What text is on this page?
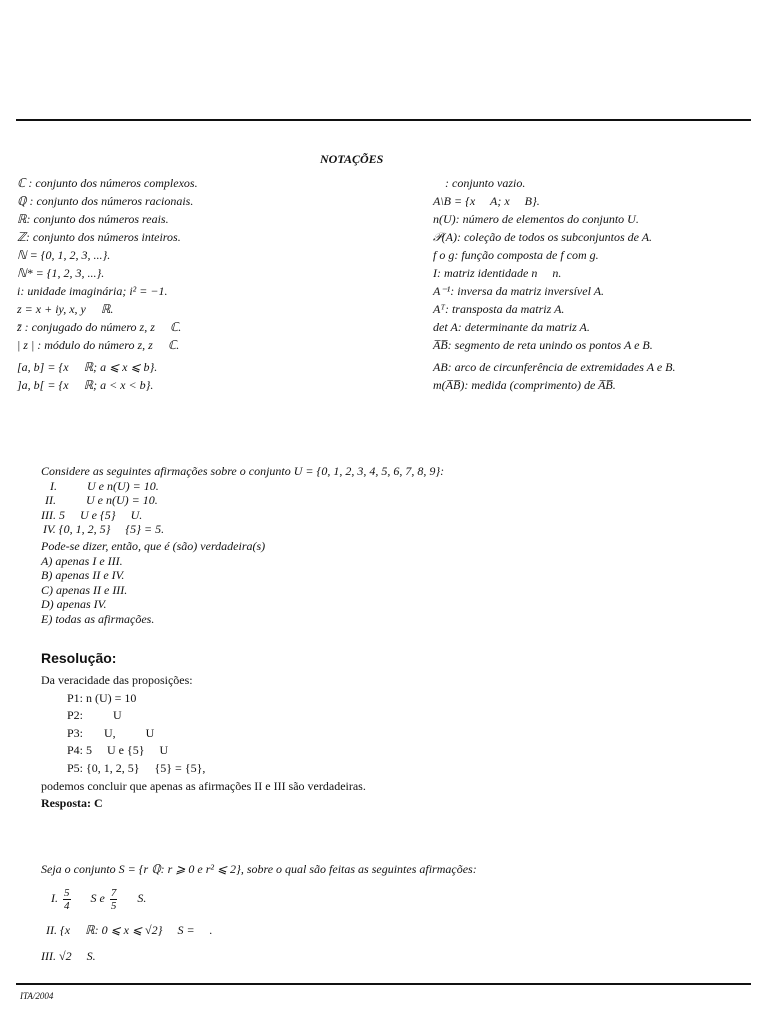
NOTAÇÕES
ℂ : conjunto dos números complexos.
ℚ : conjunto dos números racionais.
ℝ: conjunto dos números reais.
ℤ: conjunto dos números inteiros.
ℕ = {0, 1, 2, 3, ...}.
ℕ* = {1, 2, 3, ...}.
i: unidade imaginária; i² = −1.
z = x + iy, x, y     ℝ.
z̄ : conjugado do número z, z     ℂ.
| z | : módulo do número z, z     ℂ.
[a, b] = {x     ℝ; a ⩽ x ⩽ b}.
]a, b[ = {x     ℝ; a < x < b}.
: conjunto vazio.
A\B = {x     A; x     B}.
n(U): número de elementos do conjunto U.
𝒫(A): coleção de todos os subconjuntos de A.
f o g: função composta de f com g.
I: matriz identidade n     n.
A⁻¹: inversa da matriz inversível A.
Aᵀ: transposta da matriz A.
det A: determinante da matriz A.
A̅B̅: segmento de reta unindo os pontos A e B.
AB: arco de circunferência de extremidades A e B.
m(A̅B̅): medida (comprimento) de A̅B̅.
Considere as seguintes afirmações sobre o conjunto U = {0, 1, 2, 3, 4, 5, 6, 7, 8, 9}:
I.          U e n(U) = 10.
II.          U e n(U) = 10.
III. 5     U e {5}     U.
IV. {0, 1, 2, 5}     {5} = 5.
Pode-se dizer, então, que é (são) verdadeira(s)
A) apenas I e III.
B) apenas II e IV.
C) apenas II e III.
D) apenas IV.
E) todas as afirmações.
Resolução:
Da veracidade das proposições:
P1: n (U) = 10
P2:          U
P3:       U,          U
P4: 5     U e {5}     U
P5: {0, 1, 2, 5}     {5} = {5},
podemos concluir que apenas as afirmações II e III são verdadeiras.
Resposta: C
Seja o conjunto S = {r ℚ: r ⩾ 0 e r² ⩽ 2}, sobre o qual são feitas as seguintes afirmações:
I. $\frac{5}{4}$ S e $\frac{7}{5} S$.
II. {x     ℝ: 0 ⩽ x ⩽ √2}     S =     .
III. √2     S.
ITA/2004
